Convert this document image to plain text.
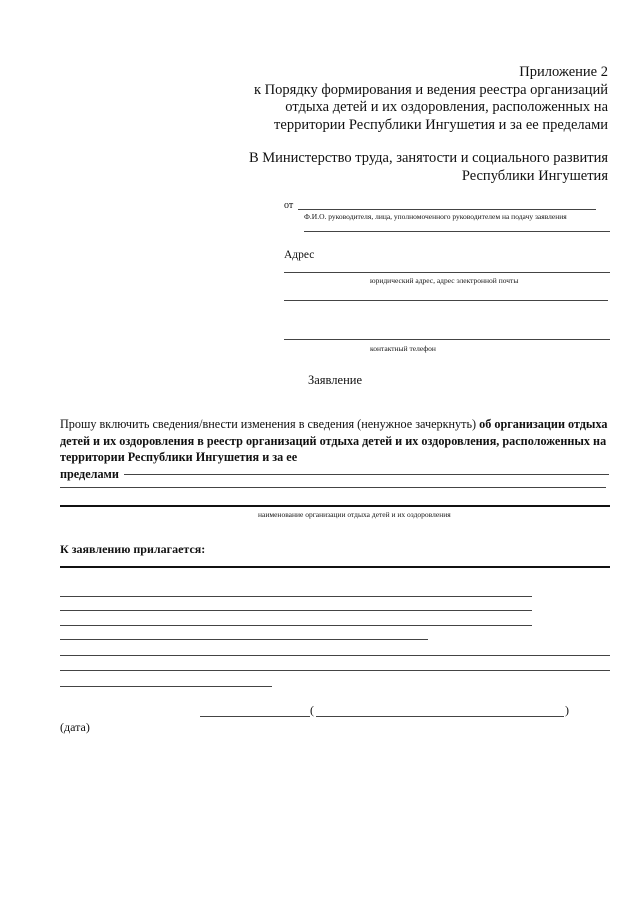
Приложение 2
к Порядку формирования и ведения реестра организаций
отдыха детей и их оздоровления, расположенных на
территории Республики Ингушетия и за ее пределами
В Министерство труда, занятости и социального развития
Республики Ингушетия
от
Ф.И.О. руководителя, лица, уполномоченного руководителем на подачу заявления
Адрес
юридический адрес, адрес электронной почты
контактный телефон
Заявление
Прошу включить сведения/внести изменения в сведения (ненужное зачеркнуть) об организации отдыха детей и их оздоровления в реестр организаций отдыха детей и их оздоровления, расположенных на территории Республики Ингушетия и за ее
пределами
наименование организации отдыха детей и их оздоровления
К заявлению прилагается:
(	)
(дата)
